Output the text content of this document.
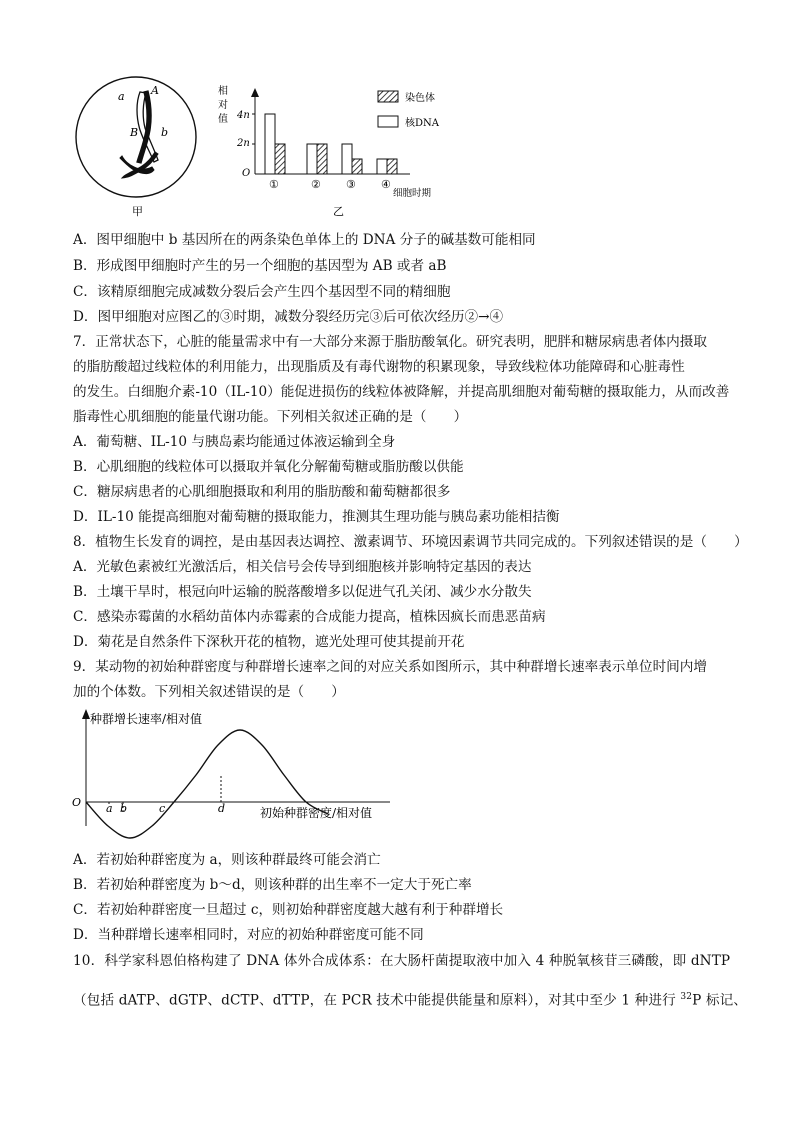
a A
B b
甲
相
对
值 4n
2n
O
①	② ③ ④
染色体
核DNA
细胞时期
乙
A．图甲细胞中 b 基因所在的两条染色单体上的 DNA 分子的碱基数可能相同
B．形成图甲细胞时产生的另一个细胞的基因型为 AB 或者 aB
C．该精原细胞完成减数分裂后会产生四个基因型不同的精细胞
D．图甲细胞对应图乙的③时期，减数分裂经历完③后可依次经历②→④
7．正常状态下，心脏的能量需求中有一大部分来源于脂肪酸氧化。研究表明，肥胖和糖尿病患者体内摄取
的脂肪酸超过线粒体的利用能力，出现脂质及有毒代谢物的积累现象，导致线粒体功能障碍和心脏毒性
的发生。白细胞介素-10（IL-10）能促进损伤的线粒体被降解，并提高肌细胞对葡萄糖的摄取能力，从而改善
脂毒性心肌细胞的能量代谢功能。下列相关叙述正确的是（　　）
A．葡萄糖、IL-10 与胰岛素均能通过体液运输到全身
B．心肌细胞的线粒体可以摄取并氧化分解葡萄糖或脂肪酸以供能
C．糖尿病患者的心肌细胞摄取和利用的脂肪酸和葡萄糖都很多
D．IL-10 能提高细胞对葡萄糖的摄取能力，推测其生理功能与胰岛素功能相拮衡
8．植物生长发育的调控，是由基因表达调控、激素调节、环境因素调节共同完成的。下列叙述错误的是（　　）
A．光敏色素被红光激活后，相关信号会传导到细胞核并影响特定基因的表达
B．土壤干旱时，根冠向叶运输的脱落酸增多以促进气孔关闭、减少水分散失
C．感染赤霉菌的水稻幼苗体内赤霉素的合成能力提高，植株因疯长而患恶苗病
D．菊花是自然条件下深秋开花的植物，遮光处理可使其提前开花
9．某动物的初始种群密度与种群增长速率之间的对应关系如图所示，其中种群增长速率表示单位时间内增
加的个体数。下列相关叙述错误的是（　　）
种群增长速率/相对值
O
初始种群密度/相对值
a b	c	d
A．若初始种群密度为 a，则该种群最终可能会消亡
B．若初始种群密度为 b～d，则该种群的出生率不一定大于死亡率
C．若初始种群密度一旦超过 c，则初始种群密度越大越有利于种群增长
D．当种群增长速率相同时，对应的初始种群密度可能不同
10．科学家科恩伯格构建了 DNA 体外合成体系：在大肠杆菌提取液中加入 4 种脱氧核苷三磷酸，即 dNTP
（包括 dATP、dGTP、dCTP、dTTP，在 PCR 技术中能提供能量和原料），对其中至少 1 种进行 $^{32}$P 标记、
